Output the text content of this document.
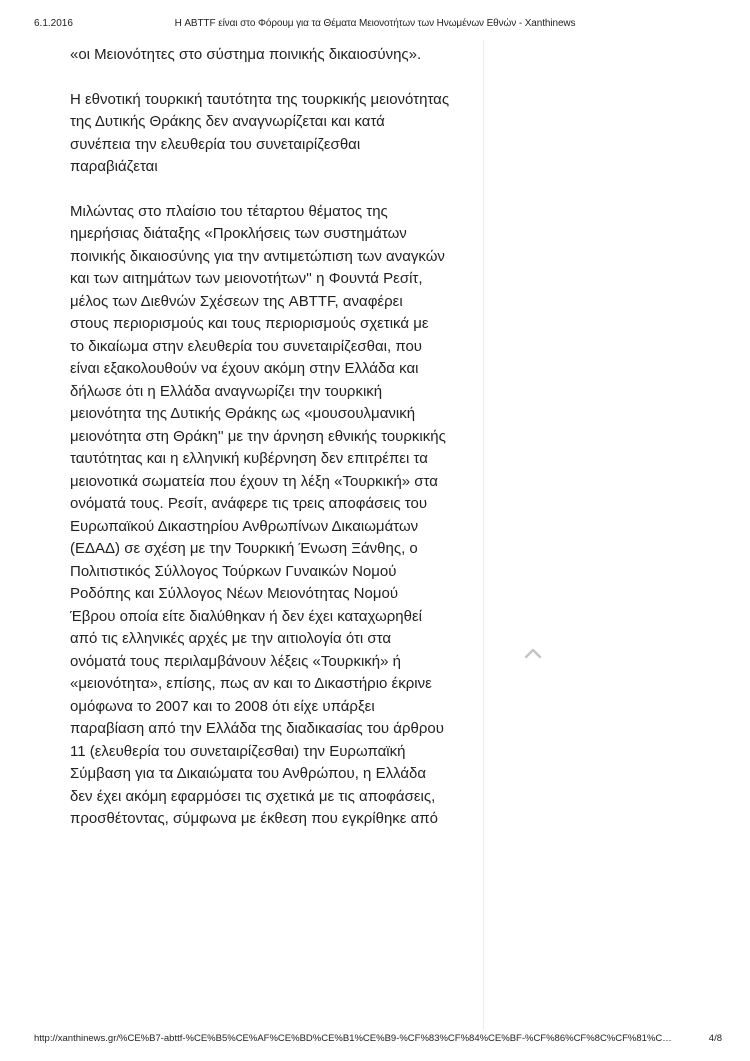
6.1.2016	Η ABTTF είναι στο Φόρουμ για τα Θέματα Μειονοτήτων των Ηνωμένων Εθνών - Xanthinews

«οι Μειονότητες στο σύστημα ποινικής δικαιοσύνης».

Η εθνοτική τουρκική ταυτότητα της τουρκικής μειονότητας
της Δυτικής Θράκης δεν αναγνωρίζεται και κατά
συνέπεια την ελευθερία του συνεταιρίζεσθαι
παραβιάζεται

Μιλώντας στο πλαίσιο του τέταρτου θέματος της
ημερήσιας διάταξης «Προκλήσεις των συστημάτων
ποινικής δικαιοσύνης για την αντιμετώπιση των αναγκών
και των αιτημάτων των μειονοτήτων'' η Φουντά Ρεσίτ,
μέλος των Διεθνών Σχέσεων της ABTTF, αναφέρει
στους περιορισμούς και τους περιορισμούς σχετικά με
το δικαίωμα στην ελευθερία του συνεταιρίζεσθαι, που
είναι εξακολουθούν να έχουν ακόμη στην Ελλάδα και
δήλωσε ότι η Ελλάδα αναγνωρίζει την τουρκική
μειονότητα της Δυτικής Θράκης ως «μουσουλμανική
μειονότητα στη Θράκη'' με την άρνηση εθνικής τουρκικής
ταυτότητας και η ελληνική κυβέρνηση δεν επιτρέπει τα
μειονοτικά σωματεία που έχουν τη λέξη «Τουρκική» στα
ονόματά τους. Ρεσίτ, ανάφερε τις τρεις αποφάσεις του
Ευρωπαϊκού Δικαστηρίου Ανθρωπίνων Δικαιωμάτων
(ΕΔΑΔ) σε σχέση με την Τουρκική Ένωση Ξάνθης, ο
Πολιτιστικός Σύλλογος Τούρκων Γυναικών Νομού
Ροδόπης και Σύλλογος Νέων Μειονότητας Νομού
Έβρου οποία είτε διαλύθηκαν ή δεν έχει καταχωρηθεί
από τις ελληνικές αρχές με την αιτιολογία ότι στα
ονόματά τους περιλαμβάνουν λέξεις «Τουρκική» ή
«μειονότητα», επίσης, πως αν και το Δικαστήριο έκρινε
ομόφωνα το 2007 και το 2008 ότι είχε υπάρξει
παραβίαση από την Ελλάδα της διαδικασίας του άρθρου
11 (ελευθερία του συνεταιρίζεσθαι) την Ευρωπαϊκή
Σύμβαση για τα Δικαιώματα του Ανθρώπου, η Ελλάδα
δεν έχει ακόμη εφαρμόσει τις σχετικά με τις αποφάσεις,
προσθέτοντας, σύμφωνα με έκθεση που εγκρίθηκε από

http://xanthinews.gr/%CE%B7-abttf-%CE%B5%CE%AF%CE%BD%CE%B1%CE%B9-%CF%83%CF%84%CE%BF-%CF%86%CF%8C%CF%81%C…	4/8
